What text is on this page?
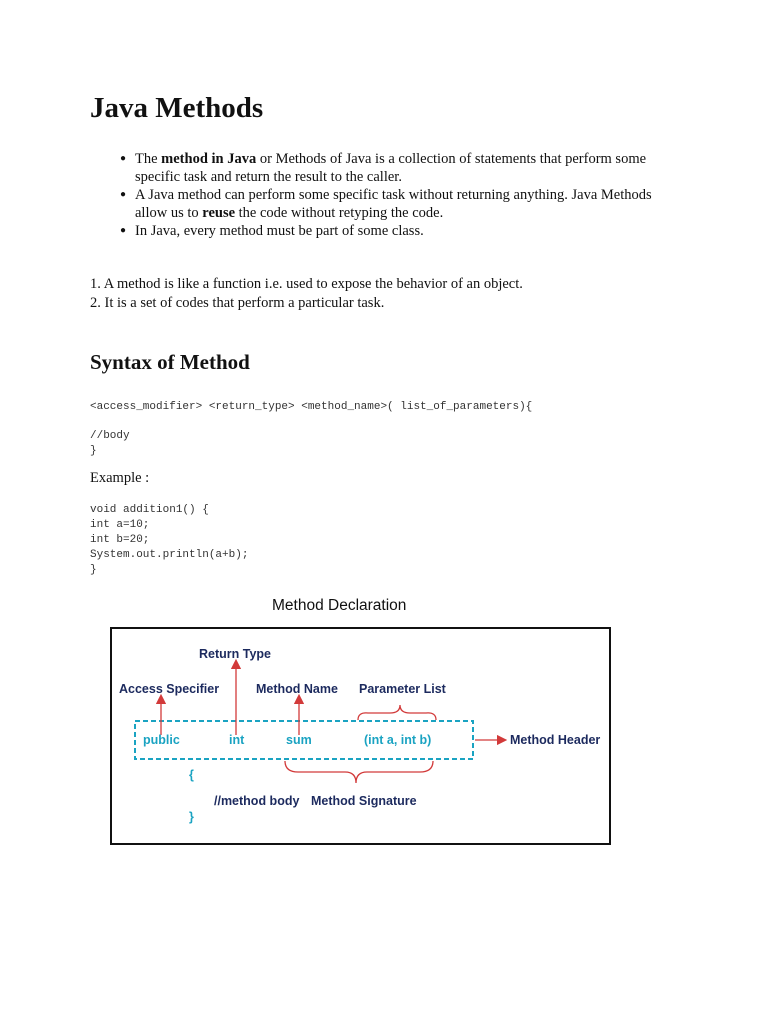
Java Methods
● The method in Java or Methods of Java is a collection of statements that perform some specific task and return the result to the caller.
● A Java method can perform some specific task without returning anything. Java Methods allow us to reuse the code without retyping the code.
● In Java, every method must be part of some class.
1. A method is like a function i.e. used to expose the behavior of an object.
2. It is a set of codes that perform a particular task.
Syntax of Method
<access_modifier> <return_type> <method_name>( list_of_parameters){
//body
}
Example :
void addition1() {
int a=10;
int b=20;
System.out.println(a+b);
}
Method Declaration
Return Type
Access Specifier	Method Name Parameter List
public	int	sum	(int a, int b)	Method Header
{
//method body Method Signature
}
